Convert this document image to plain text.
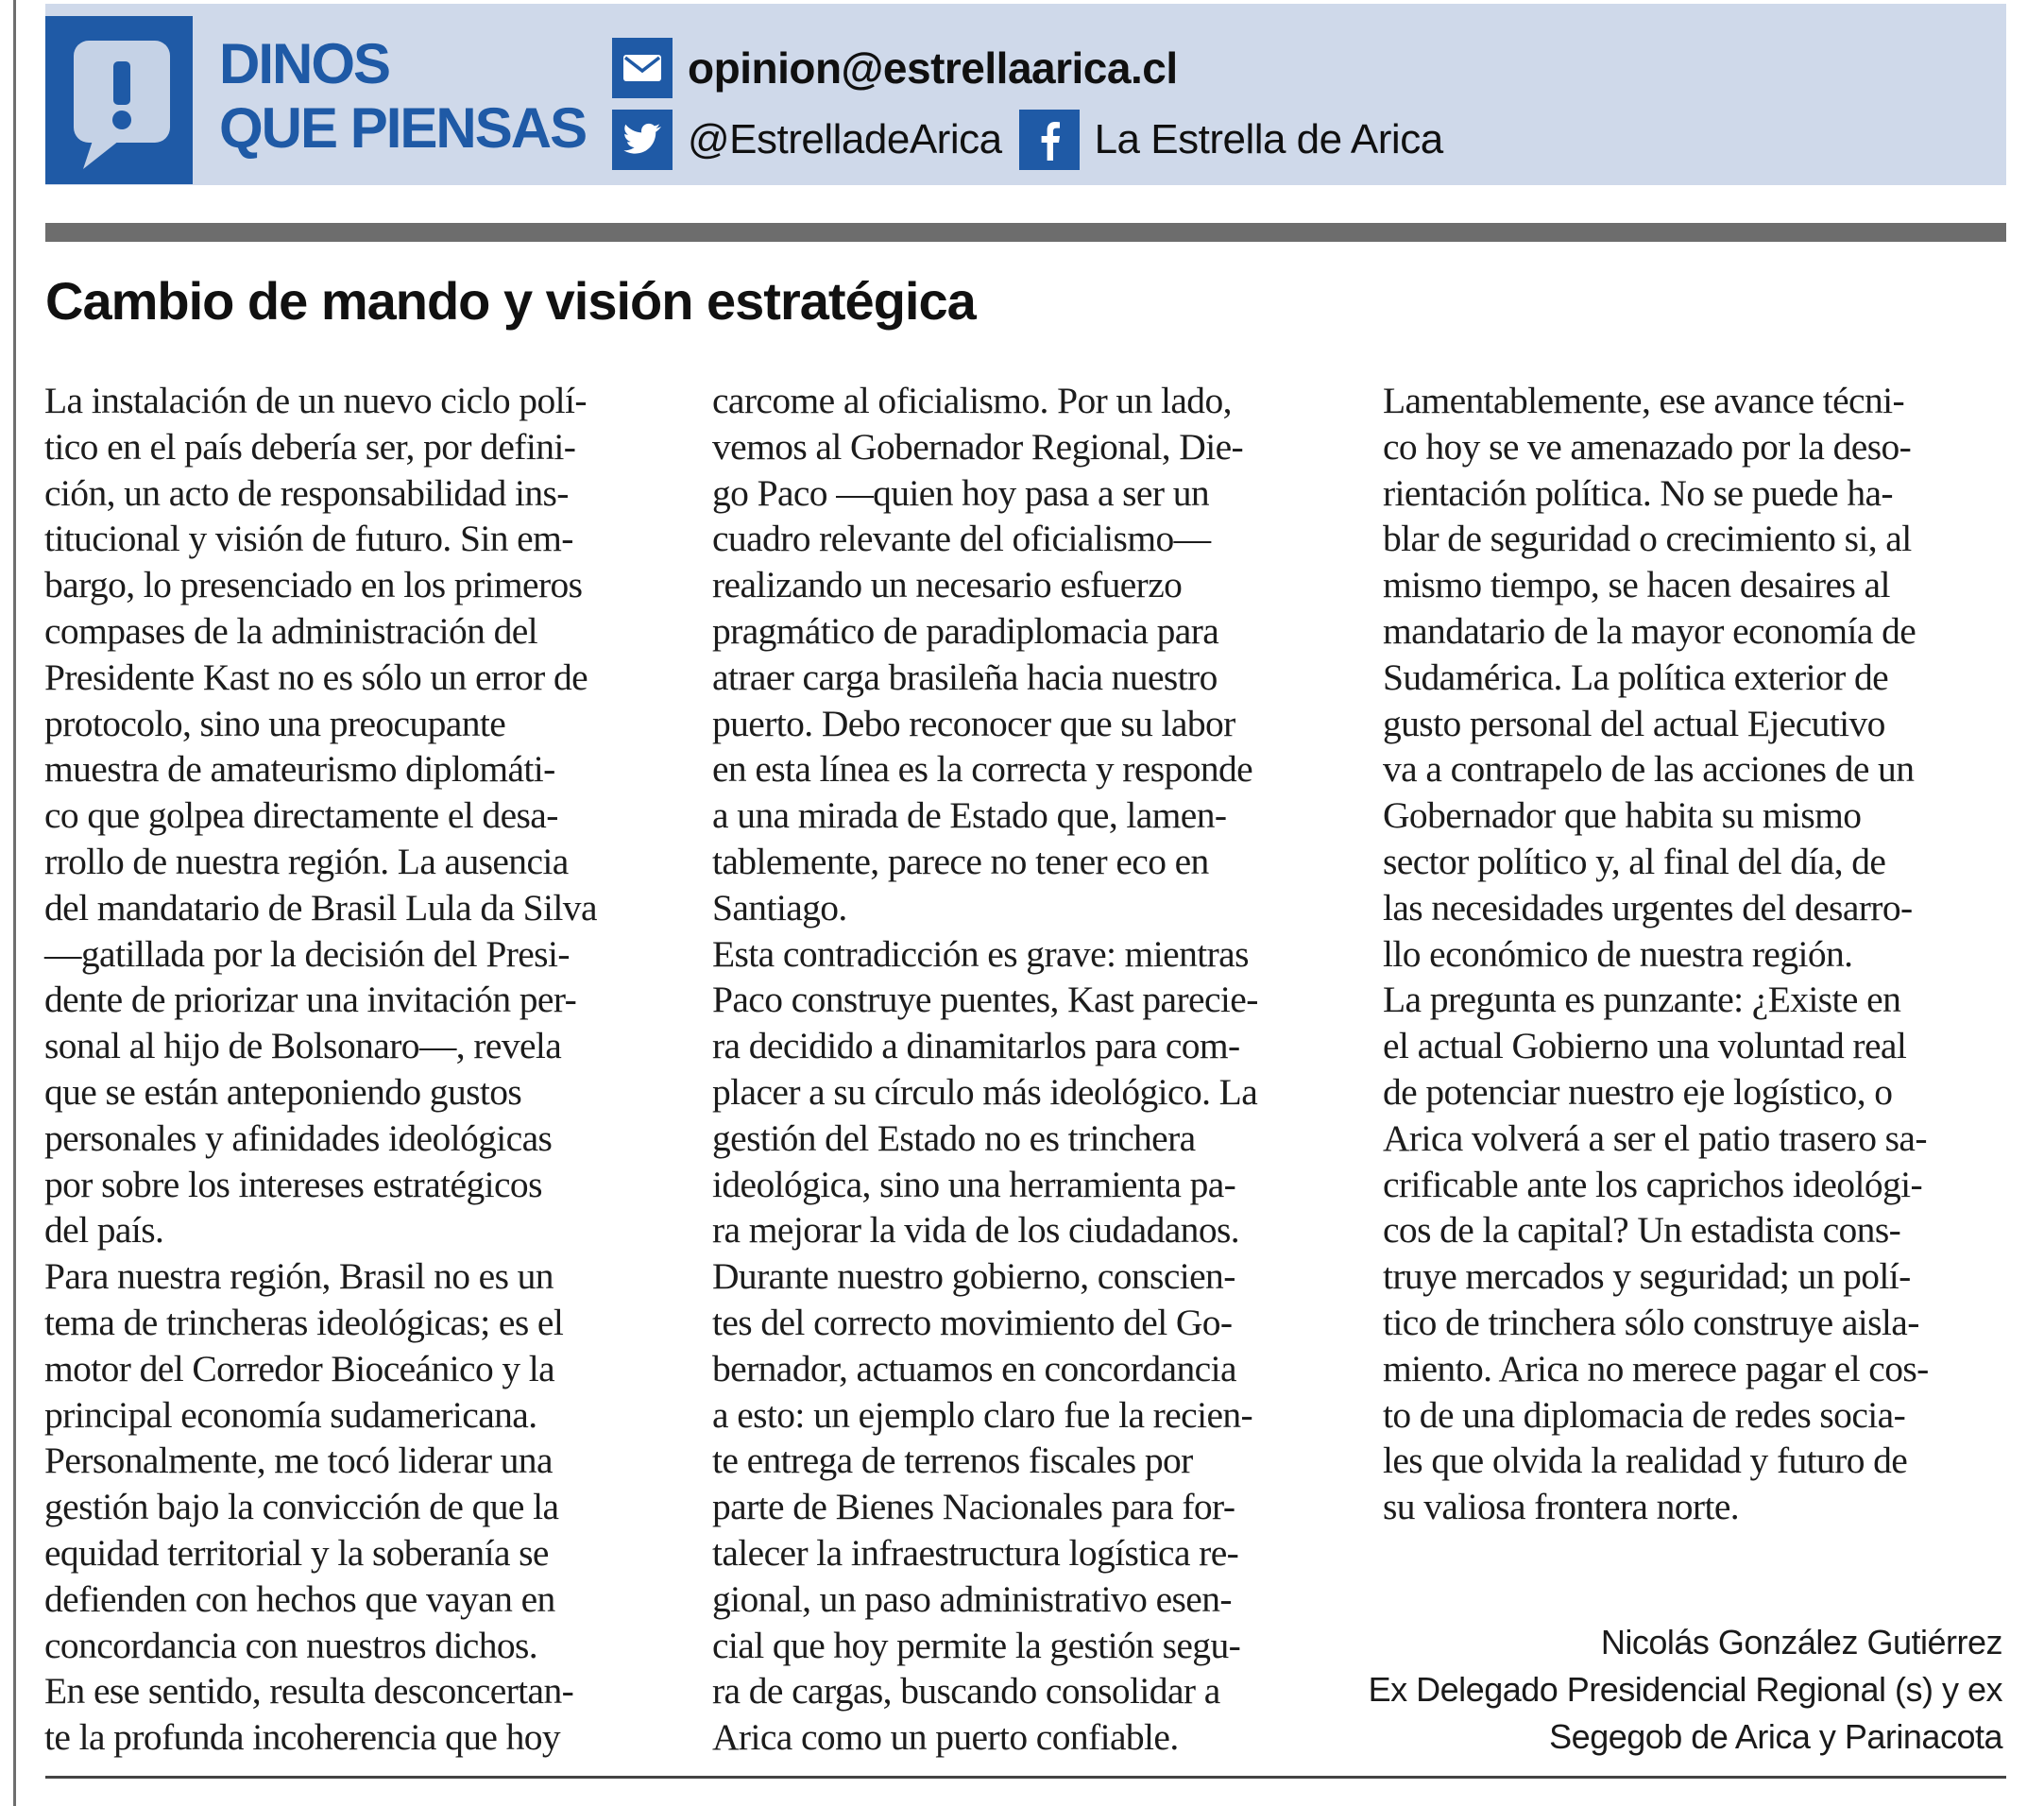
DINOS
QUE PIENSAS
opinion@estrellaarica.cl
@EstrelladeArica La Estrella de Arica
Cambio de mando y visión estratégica
La instalación de un nuevo ciclo polí-
tico en el país debería ser, por defini-
ción, un acto de responsabilidad ins-
titucional y visión de futuro. Sin em-
bargo, lo presenciado en los primeros
compases de la administración del
Presidente Kast no es sólo un error de
protocolo, sino una preocupante
muestra de amateurismo diplomáti-
co que golpea directamente el desa-
rrollo de nuestra región. La ausencia
del mandatario de Brasil Lula da Silva
—gatillada por la decisión del Presi-
dente de priorizar una invitación per-
sonal al hijo de Bolsonaro—, revela
que se están anteponiendo gustos
personales y afinidades ideológicas
por sobre los intereses estratégicos
del país.
Para nuestra región, Brasil no es un
tema de trincheras ideológicas; es el
motor del Corredor Bioceánico y la
principal economía sudamericana.
Personalmente, me tocó liderar una
gestión bajo la convicción de que la
equidad territorial y la soberanía se
defienden con hechos que vayan en
concordancia con nuestros dichos.
En ese sentido, resulta desconcertan-
te la profunda incoherencia que hoy
carcome al oficialismo. Por un lado,
vemos al Gobernador Regional, Die-
go Paco —quien hoy pasa a ser un
cuadro relevante del oficialismo—
realizando un necesario esfuerzo
pragmático de paradiplomacia para
atraer carga brasileña hacia nuestro
puerto. Debo reconocer que su labor
en esta línea es la correcta y responde
a una mirada de Estado que, lamen-
tablemente, parece no tener eco en
Santiago.
Esta contradicción es grave: mientras
Paco construye puentes, Kast parecie-
ra decidido a dinamitarlos para com-
placer a su círculo más ideológico. La
gestión del Estado no es trinchera
ideológica, sino una herramienta pa-
ra mejorar la vida de los ciudadanos.
Durante nuestro gobierno, conscien-
tes del correcto movimiento del Go-
bernador, actuamos en concordancia
a esto: un ejemplo claro fue la recien-
te entrega de terrenos fiscales por
parte de Bienes Nacionales para for-
talecer la infraestructura logística re-
gional, un paso administrativo esen-
cial que hoy permite la gestión segu-
ra de cargas, buscando consolidar a
Arica como un puerto confiable.
Lamentablemente, ese avance técni-
co hoy se ve amenazado por la deso-
rientación política. No se puede ha-
blar de seguridad o crecimiento si, al
mismo tiempo, se hacen desaires al
mandatario de la mayor economía de
Sudamérica. La política exterior de
gusto personal del actual Ejecutivo
va a contrapelo de las acciones de un
Gobernador que habita su mismo
sector político y, al final del día, de
las necesidades urgentes del desarro-
llo económico de nuestra región.
La pregunta es punzante: ¿Existe en
el actual Gobierno una voluntad real
de potenciar nuestro eje logístico, o
Arica volverá a ser el patio trasero sa-
crificable ante los caprichos ideológi-
cos de la capital? Un estadista cons-
truye mercados y seguridad; un polí-
tico de trinchera sólo construye aisla-
miento. Arica no merece pagar el cos-
to de una diplomacia de redes socia-
les que olvida la realidad y futuro de
su valiosa frontera norte.
Nicolás González Gutiérrez
Ex Delegado Presidencial Regional (s) y ex
Segegob de Arica y Parinacota
